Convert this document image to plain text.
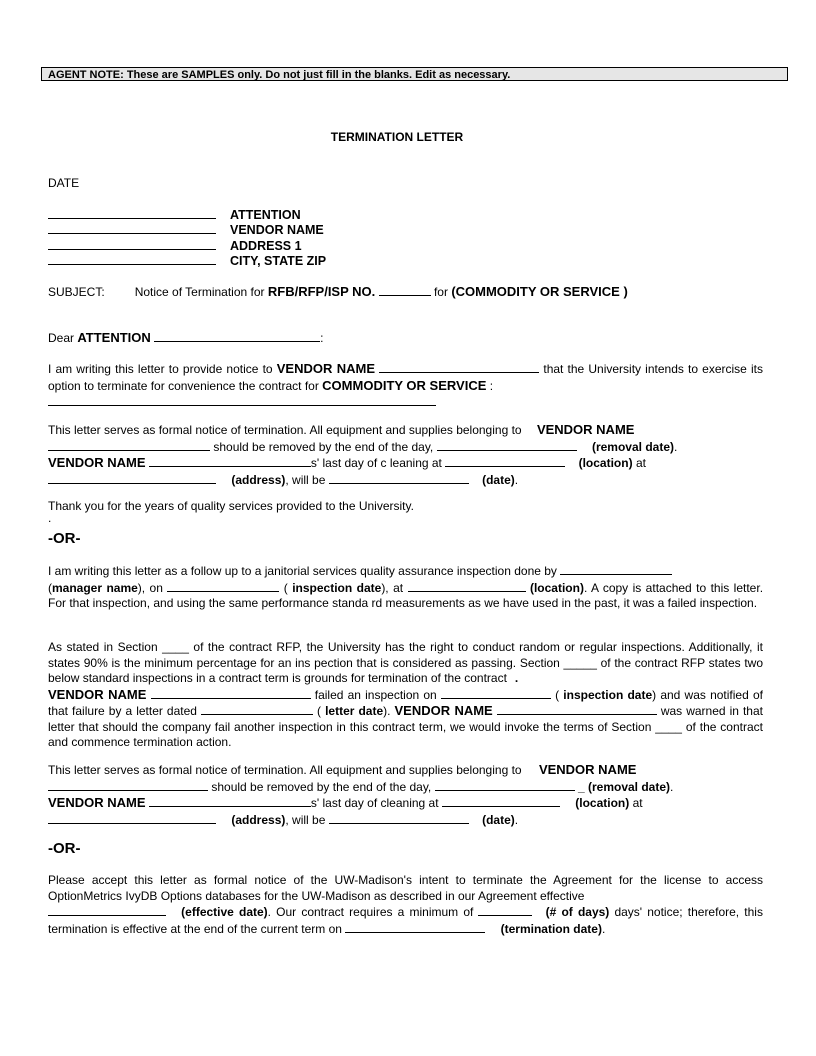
AGENT NOTE: These are SAMPLES only. Do not just fill in the blanks. Edit as necessary.
TERMINATION LETTER
DATE
ATTENTION
VENDOR NAME
ADDRESS 1
CITY, STATE ZIP
SUBJECT:	Notice of Termination for RFB/RFP/ISP NO.	for (COMMODITY OR SERVICE )
Dear ATTENTION	:
I am writing this letter to provide notice to VENDOR NAME	that the University intends to exercise its option to terminate for convenience the contract for COMMODITY OR SERVICE :

This letter serves as formal notice of termination. All equipment and supplies belonging to VENDOR NAME
should be removed by the end of the day,	(removal date).
VENDOR NAME	s' last day of c leaning at	(location) at
(address), will be	(date).
Thank you for the years of quality services provided to the University.
.
-OR-
I am writing this letter as a follow up to a janitorial services quality assurance inspection done by
(manager name), on	( inspection date), at	(location). A copy is attached to this letter. For that inspection, and using the same performance standa rd measurements as we have used in the past, it was a failed inspection.
As stated in Section ____ of the contract RFP, the University has the right to conduct random or regular inspections. Additionally, it states 90% is the minimum percentage for an ins pection that is considered as passing. Section _____ of the contract RFP states two below standard inspections in a contract term is grounds for termination of the contract .
VENDOR NAME	failed an inspection on	( inspection date) and was notified of that failure by a letter dated	( letter date). VENDOR NAME	was warned in that letter that should the company fail another inspection in this contract term, we would invoke the terms of Section ____ of the contract and commence termination action.
This letter serves as formal notice of termination. All equipment and supplies belonging to VENDOR NAME
should be removed by the end of the day,	_ (removal date).
VENDOR NAME	s' last day of cleaning at	(location) at
(address), will be	(date).
-OR-
Please accept this letter as formal notice of the UW-Madison's intent to terminate the Agreement for the license to access OptionMetrics IvyDB Options databases for the UW-Madison as described in our Agreement effective
(effective date). Our contract requires a minimum of	(# of days) days' notice; therefore, this termination is effective at the end of the current term on	(termination date).
